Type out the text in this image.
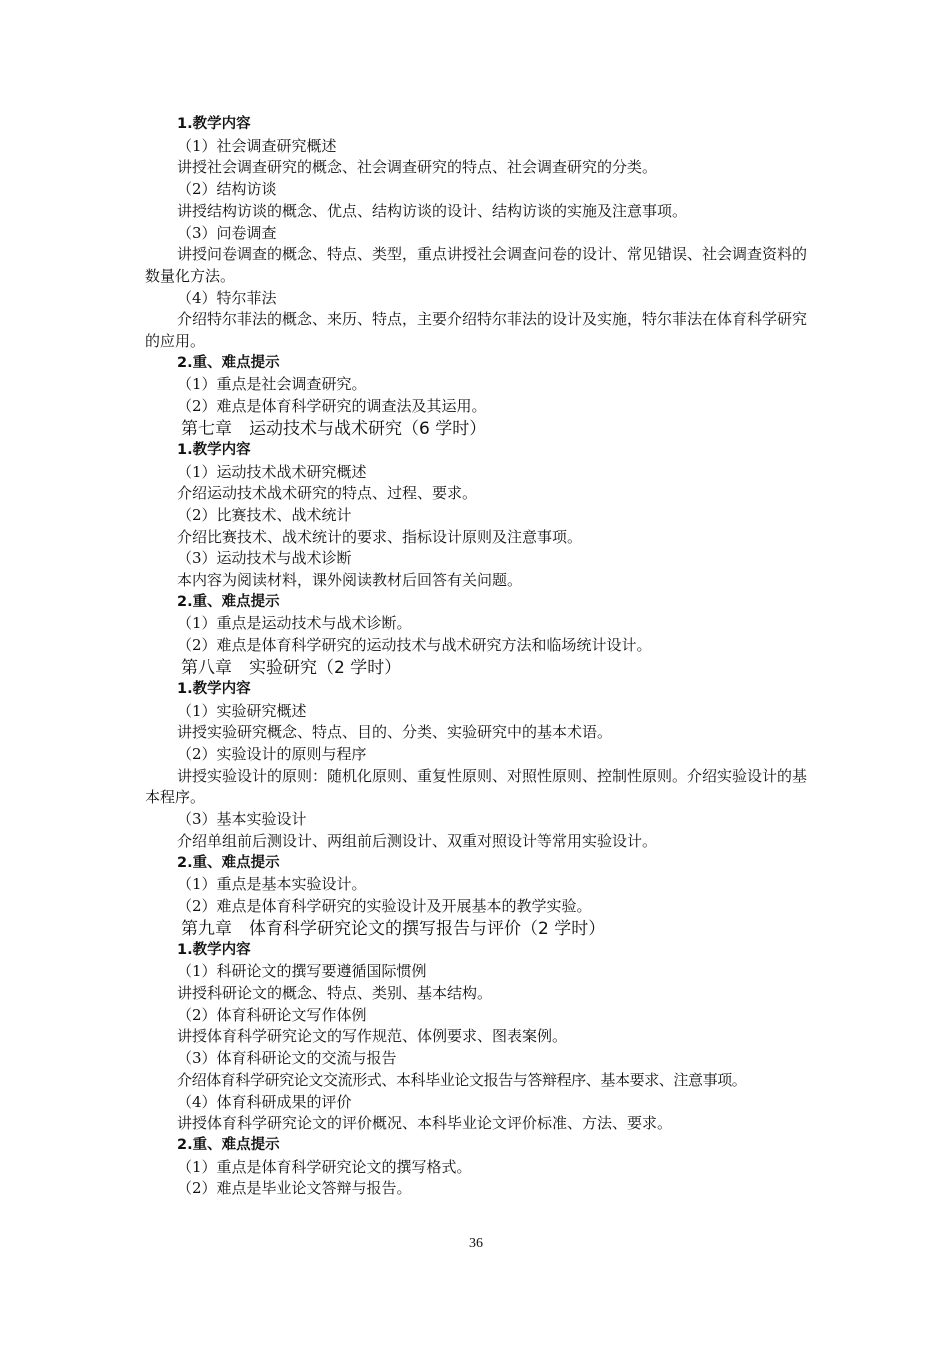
1.教学内容
（1）社会调查研究概述
讲授社会调查研究的概念、社会调查研究的特点、社会调查研究的分类。
（2）结构访谈
讲授结构访谈的概念、优点、结构访谈的设计、结构访谈的实施及注意事项。
（3）问卷调查
讲授问卷调查的概念、特点、类型，重点讲授社会调查问卷的设计、常见错误、社会调查资料的数量化方法。
（4）特尔菲法
介绍特尔菲法的概念、来历、特点，主要介绍特尔菲法的设计及实施，特尔菲法在体育科学研究的应用。
2.重、难点提示
（1）重点是社会调查研究。
（2）难点是体育科学研究的调查法及其运用。
第七章　运动技术与战术研究（6 学时）
1.教学内容
（1）运动技术战术研究概述
介绍运动技术战术研究的特点、过程、要求。
（2）比赛技术、战术统计
介绍比赛技术、战术统计的要求、指标设计原则及注意事项。
（3）运动技术与战术诊断
本内容为阅读材料，课外阅读教材后回答有关问题。
2.重、难点提示
（1）重点是运动技术与战术诊断。
（2）难点是体育科学研究的运动技术与战术研究方法和临场统计设计。
第八章　实验研究（2 学时）
1.教学内容
（1）实验研究概述
讲授实验研究概念、特点、目的、分类、实验研究中的基本术语。
（2）实验设计的原则与程序
讲授实验设计的原则：随机化原则、重复性原则、对照性原则、控制性原则。介绍实验设计的基本程序。
（3）基本实验设计
介绍单组前后测设计、两组前后测设计、双重对照设计等常用实验设计。
2.重、难点提示
（1）重点是基本实验设计。
（2）难点是体育科学研究的实验设计及开展基本的教学实验。
第九章　体育科学研究论文的撰写报告与评价（2 学时）
1.教学内容
（1）科研论文的撰写要遵循国际惯例
讲授科研论文的概念、特点、类别、基本结构。
（2）体育科研论文写作体例
讲授体育科学研究论文的写作规范、体例要求、图表案例。
（3）体育科研论文的交流与报告
介绍体育科学研究论文交流形式、本科毕业论文报告与答辩程序、基本要求、注意事项。
（4）体育科研成果的评价
讲授体育科学研究论文的评价概况、本科毕业论文评价标准、方法、要求。
2.重、难点提示
（1）重点是体育科学研究论文的撰写格式。
（2）难点是毕业论文答辩与报告。
36
